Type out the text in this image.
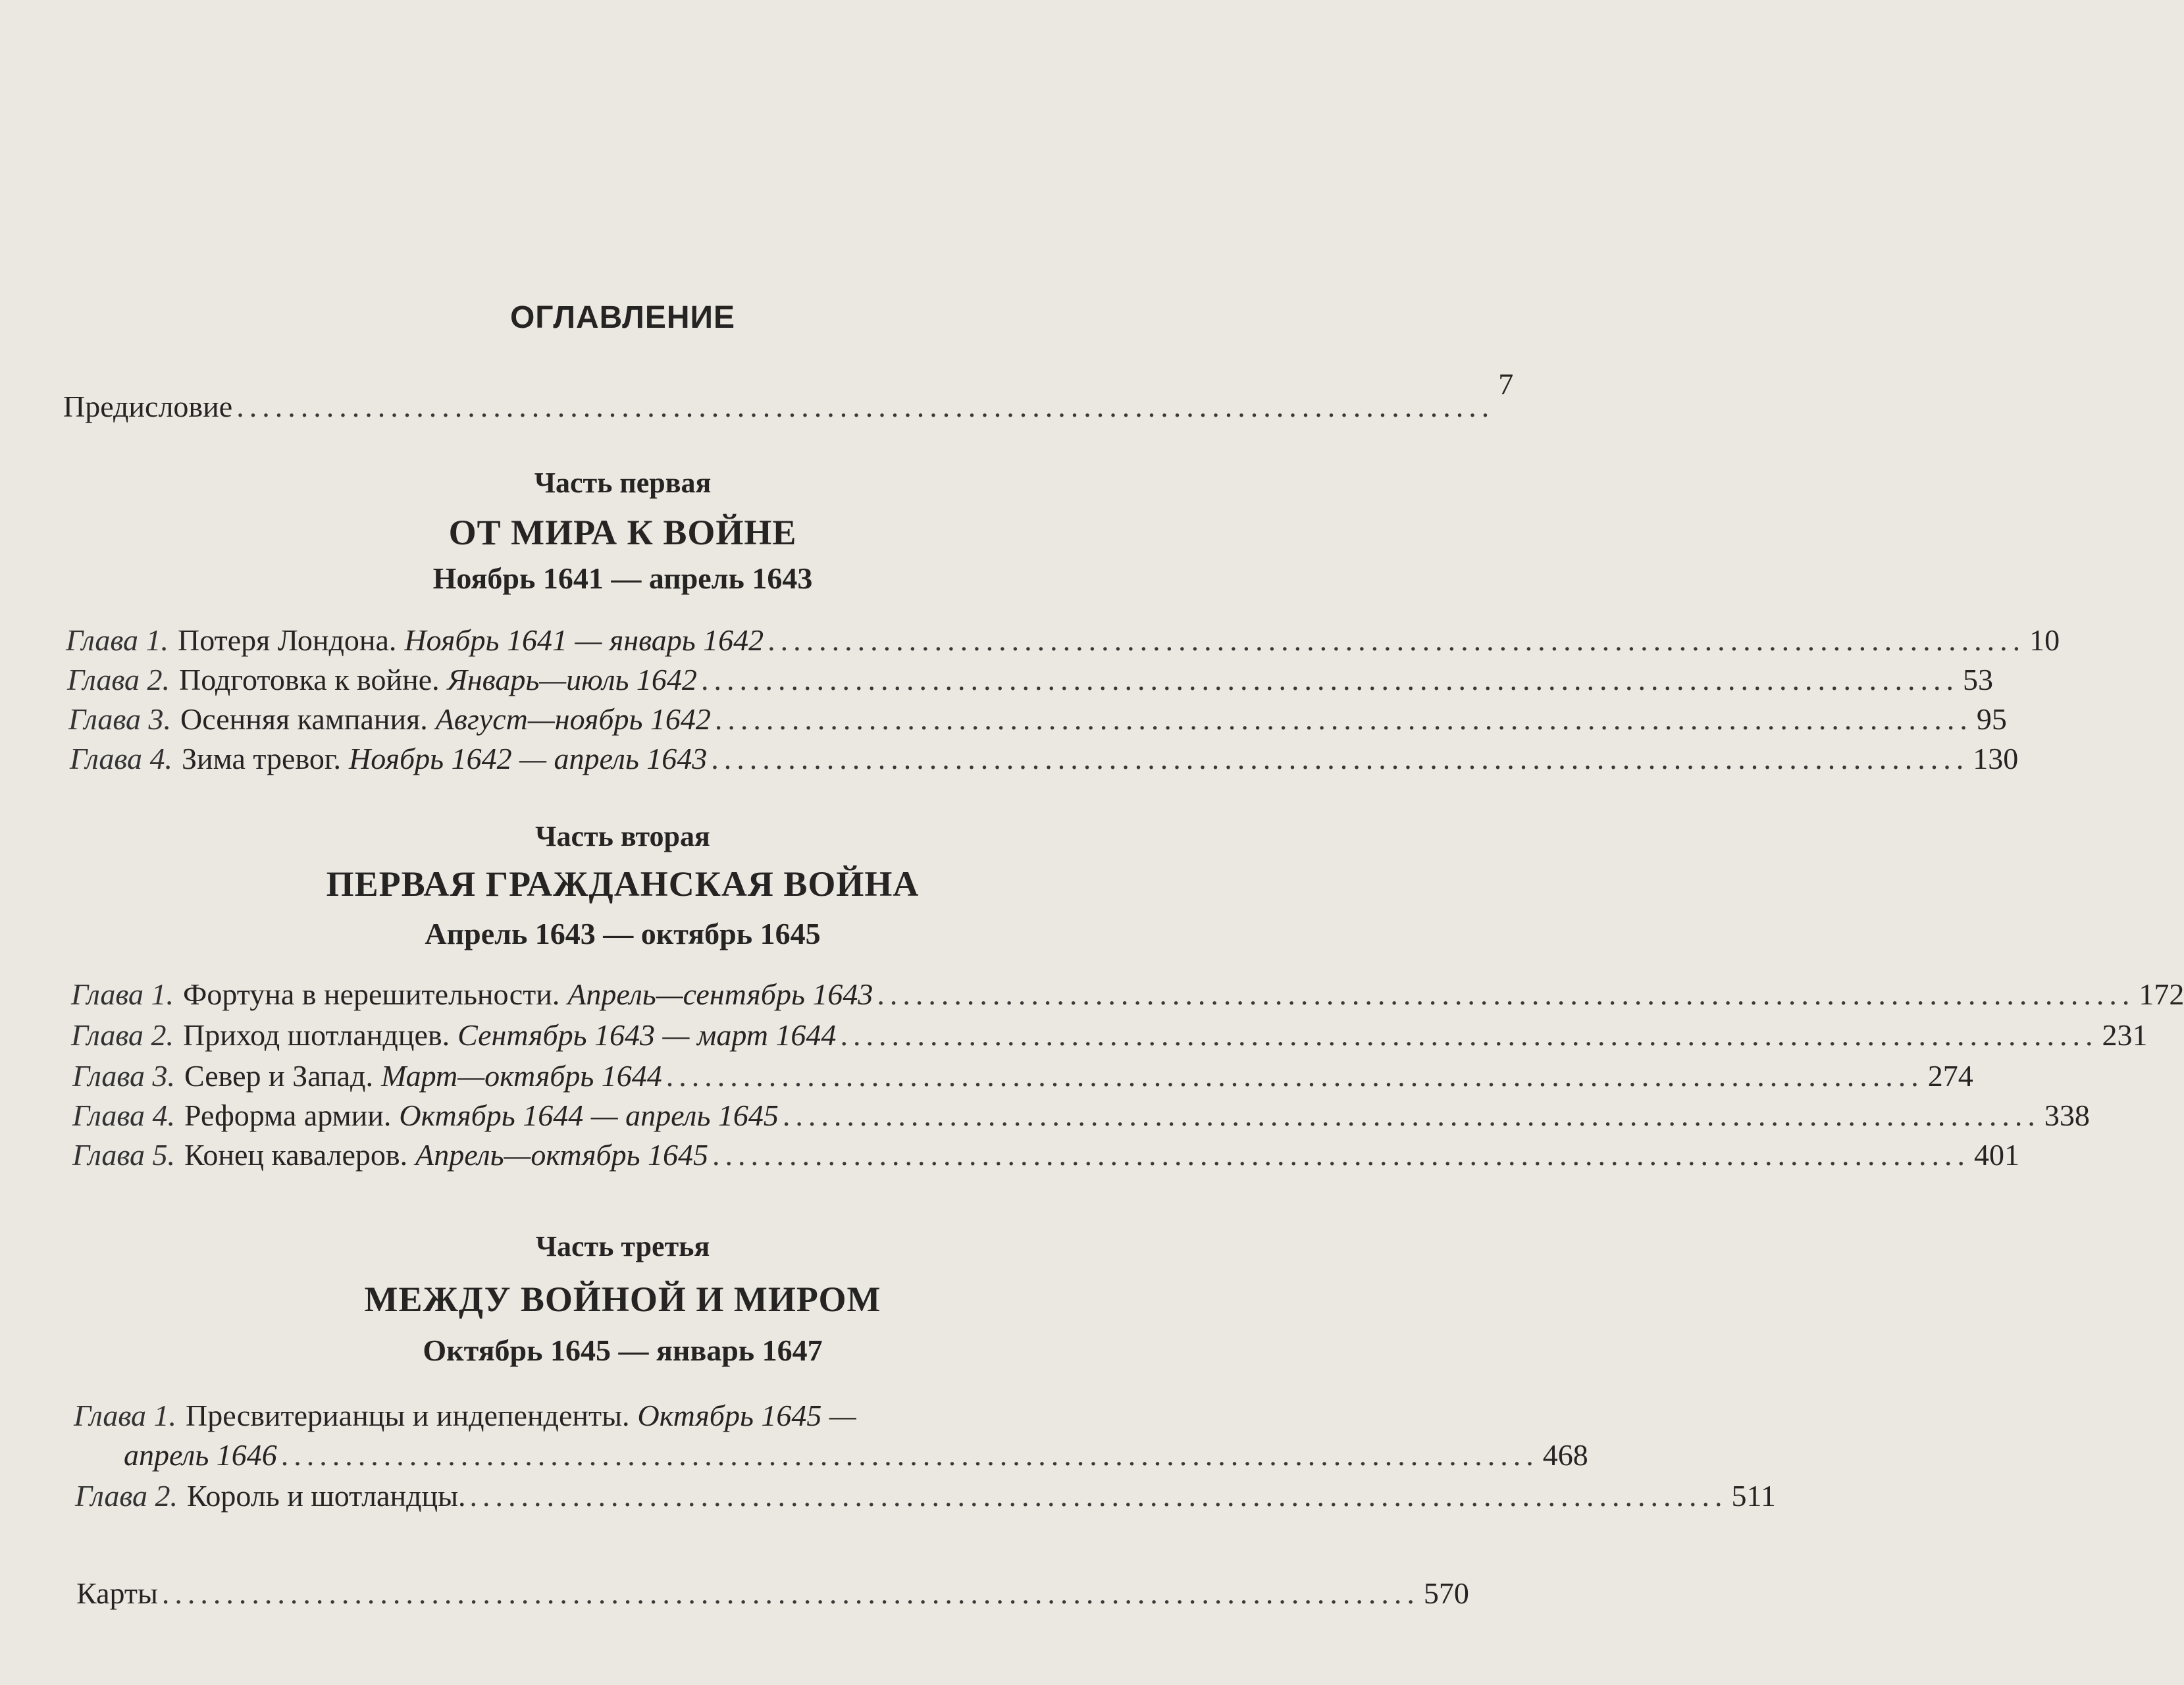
ОГЛАВЛЕНИЕ
Предисловие ..................................................................................................
7
Часть первая
ОТ МИРА К ВОЙНЕ
Ноябрь 1641 — апрель 1643
Глава 1. Потеря Лондона. Ноябрь 1641 — январь 1642 .................................................................................................. 10
Глава 2. Подготовка к войне. Январь—июль 1642 .................................................................................................. 53
Глава 3. Осенняя кампания. Август—ноябрь 1642 .................................................................................................. 95
Глава 4. Зима тревог. Ноябрь 1642 — апрель 1643 .................................................................................................. 130
Часть вторая
ПЕРВАЯ ГРАЖДАНСКАЯ ВОЙНА
Апрель 1643 — октябрь 1645
Глава 1. Фортуна в нерешительности. Апрель—сентябрь 1643 .................................................................................................. 172
Глава 2. Приход шотландцев. Сентябрь 1643 — март 1644 .................................................................................................. 231
Глава 3. Север и Запад. Март—октябрь 1644 .................................................................................................. 274
Глава 4. Реформа армии. Октябрь 1644 — апрель 1645 .................................................................................................. 338
Глава 5. Конец кавалеров. Апрель—октябрь 1645 .................................................................................................. 401
Часть третья
МЕЖДУ ВОЙНОЙ И МИРОМ
Октябрь 1645 — январь 1647
Глава 1. Пресвитерианцы и индепенденты. Октябрь 1645 —
апрель 1646 .................................................................................................. 468
Глава 2. Король и шотландцы. .................................................................................................. 511
Карты .................................................................................................. 570
